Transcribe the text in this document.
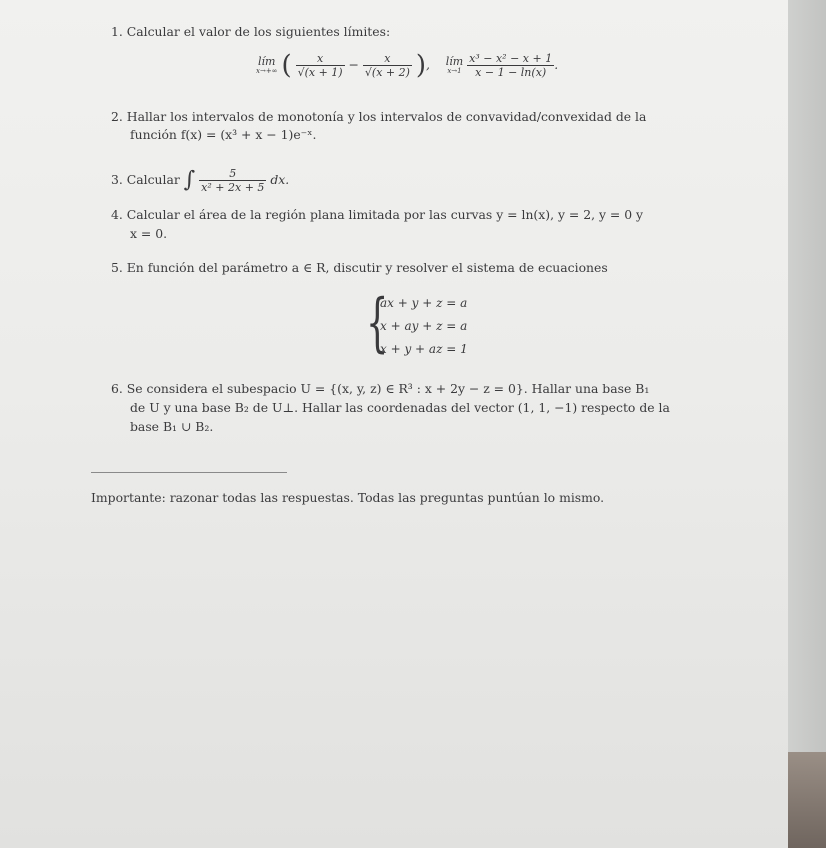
1. Calcular el valor de los siguientes límites:
lím
x→+∞ ( $\frac{x}{√(x + 1)} - \frac{x}{√(x + 2)}$ ), lím
x→1
$\frac{\text{x³ − x² − x + 1}}{x - 1 - \ln(x)}$ .
2. Hallar los intervalos de monotonía y los intervalos de convavidad/convexidad de la
función f(x) = (x³ + x − 1)e⁻ˣ.
3. Calcular ∫ $\frac{5}{\text{x² + 2x + 5}}$ dx.
4. Calcular el área de la región plana limitada por las curvas y = ln(x), y = 2, y = 0 y
x = 0.
5. En función del parámetro a ∈ R, discutir y resolver el sistema de ecuaciones
{
ax + y + z = a
x + ay + z = a
x + y + az = 1
6. Se considera el subespacio U = {(x, y, z) ∈ R³ : x + 2y − z = 0}. Hallar una base B₁
de U y una base B₂ de U⊥. Hallar las coordenadas del vector (1, 1, −1) respecto de la
base B₁ ∪ B₂.
Importante: razonar todas las respuestas. Todas las preguntas puntúan lo mismo.
